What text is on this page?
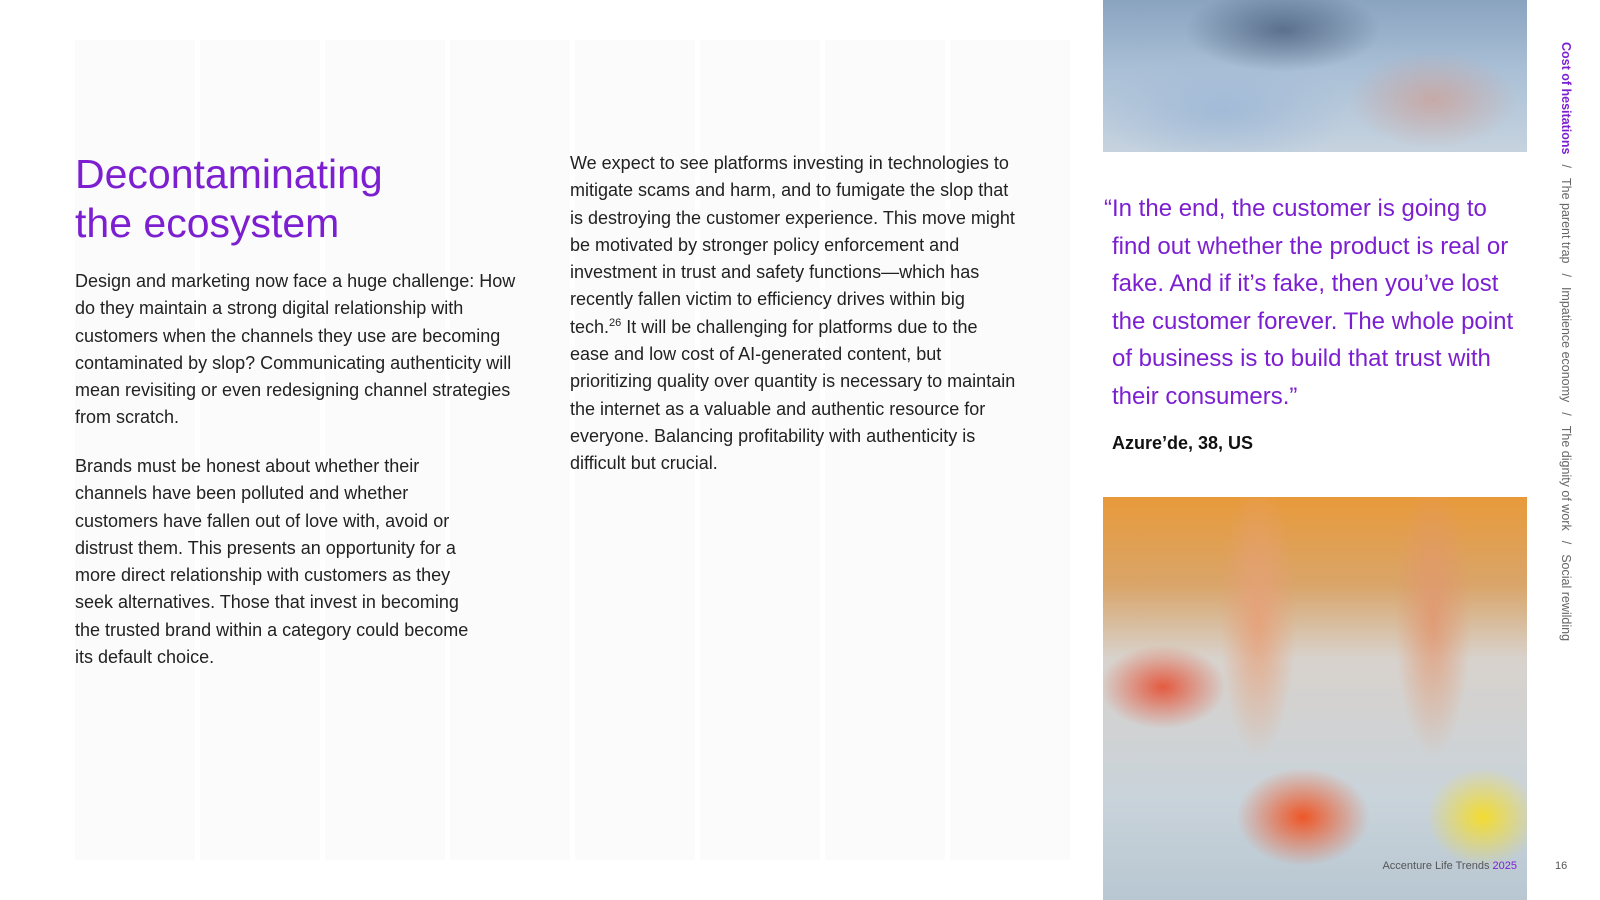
Decontaminating
the ecosystem

Design and marketing now face a huge challenge: How do they maintain a strong digital relationship with customers when the channels they use are becoming contaminated by slop? Communicating authenticity will mean revisiting or even redesigning channel strategies from scratch.

Brands must be honest about whether their channels have been polluted and whether customers have fallen out of love with, avoid or distrust them. This presents an opportunity for a more direct relationship with customers as they seek alternatives. Those that invest in becoming the trusted brand within a category could become its default choice.

We expect to see platforms investing in technologies to mitigate scams and harm, and to fumigate the slop that is destroying the customer experience. This move might be motivated by stronger policy enforcement and investment in trust and safety functions—which has recently fallen victim to efficiency drives within big tech.$^{26}$ It will be challenging for platforms due to the ease and low cost of AI-generated content, but prioritizing quality over quantity is necessary to maintain the internet as a valuable and authentic resource for everyone. Balancing profitability with authenticity is difficult but crucial.

“In the end, the customer is going to find out whether the product is real or fake. And if it’s fake, then you’ve lost the customer forever. The whole point of business is to build that trust with their consumers.”

Azure’de, 38, US

Accenture Life Trends 2025
Cost of hesitations/The parent trap/Impatience economy/The dignity of work/Social rewilding
16
